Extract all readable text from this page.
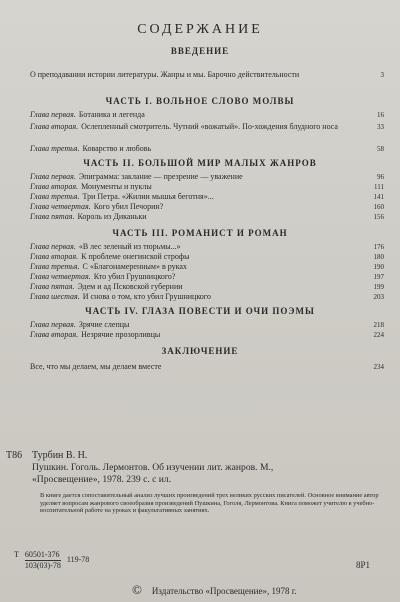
СОДЕРЖАНИЕ
ВВЕДЕНИЕ
О преподавании истории литературы. Жанры и мы. Барочно действительности	3
ЧАСТЬ I. ВОЛЬНОЕ СЛОВО МОЛВЫ
Глава первая. Ботаника и легенда	16
Глава вторая. Ослепленный смотритель. Чутний «вожатый». По-хождения блудного носа	33
Глава третья. Коварство и любовь	58
ЧАСТЬ II. БОЛЬШОЙ МИР МАЛЫХ ЖАНРОВ
Глава первая. Эпиграмма: заклание — презрение — уважение	96
Глава вторая. Монументы и пуклы	111
Глава третья. Три Петра. «Жилии мышья беготня»...	141
Глава четвертая. Кого убил Печорин?	160
Глава пятая. Король из Диканьки	156
ЧАСТЬ III. РОМАНИСТ И РОМАН
Глава первая. «В лес зеленый из тюрьмы...»	176
Глава вторая. К проблеме онегинской строфы	180
Глава третья. С «Благонамеренным» в руках	190
Глава четвертая. Кто убил Грушницкого?	197
Глава пятая. Эдем и ад Псковской губернии	199
Глава шестая. И снова о том, кто убил Грушницкого	203
ЧАСТЬ IV. ГЛАЗА ПОВЕСТИ И ОЧИ ПОЭМЫ
Глава первая. Зрячие слепцы	218
Глава вторая. Незрячие прозорливцы	224
ЗАКЛЮЧЕНИЕ
Все, что мы делаем, мы делаем вместе	234
Т86 Турбин В. Н.
Пушкин. Гоголь. Лермонтов. Об изучении лит. жанров. М.,
«Просвещение», 1978. 239 с. с ил.
В книге дается сопоставительный анализ лучших произведений трех великих русских писателей. Основное внимание автор уделяет вопросам жанрового своеобразия произведений Пушкина, Гоголя, Лермонтова. Книга поможет учителю в учебно-воспитательной работе на уроках и факультативных занятиях.
Т $\frac{60501-376}{103(03)-78} 119-78$
8Р1
© Издательство «Просвещение», 1978 г.
